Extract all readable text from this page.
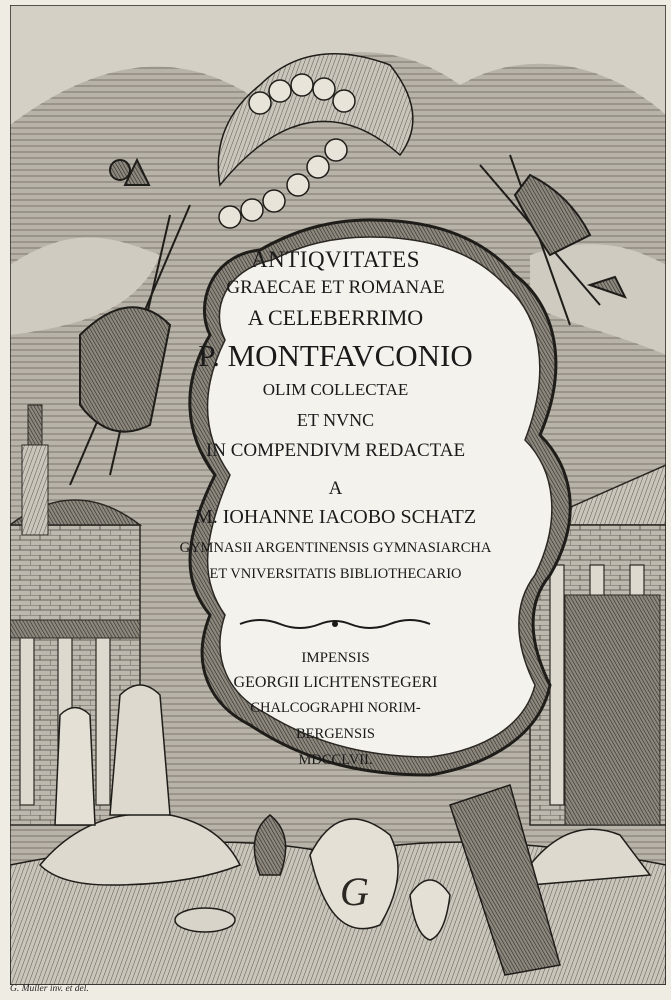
G
ANTIQVITATES
GRAECAE ET ROMANAE
A CELEBERRIMO
P. MONTFAVCONIO
OLIM COLLECTAE
ET NVNC
IN COMPENDIVM REDACTAE
A
M. IOHANNE IACOBO SCHATZ
GYMNASII ARGENTINENSIS GYMNASIARCHA
ET VNIVERSITATIS BIBLIOTHECARIO
IMPENSIS
GEORGII LICHTENSTEGERI
CHALCOGRAPHI NORIM-
BERGENSIS
MDCCLVII.
G. Muller inv. et del.
